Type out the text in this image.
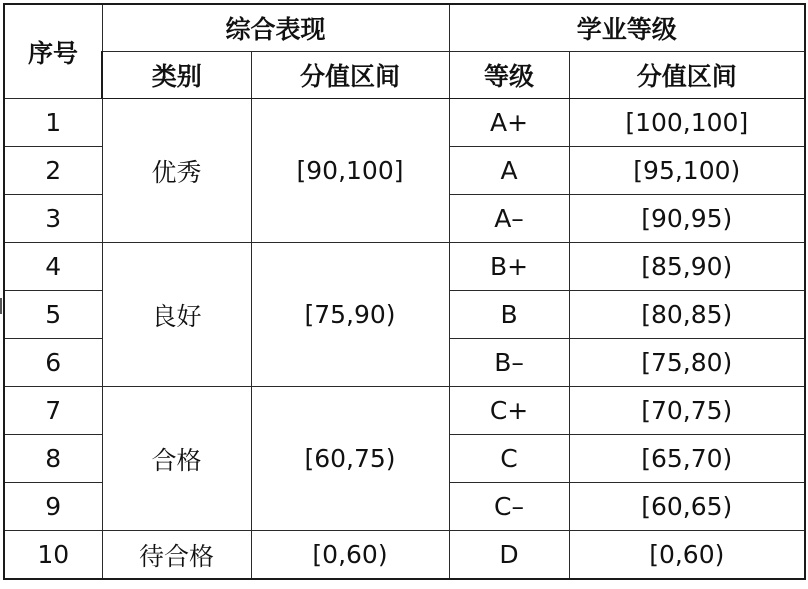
序号	综合表现		学业等级	
	类别	分值区间	等级	分值区间
1	优秀	[90,100]	A+	[100,100]
2			A	[95,100)
3			A–	[90,95)
4	良好	[75,90)	B+	[85,90)
5			B	[80,85)
6			B–	[75,80)
7	合格	[60,75)	C+	[70,75)
8			C	[65,70)
9			C–	[60,65)
10	待合格	[0,60)	D	[0,60)
